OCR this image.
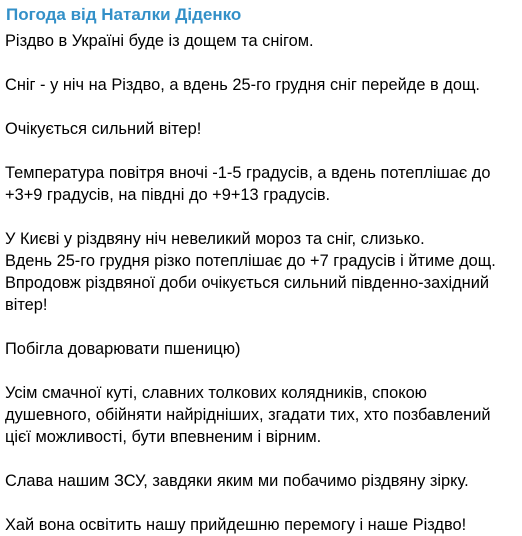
Погода від Наталки Діденко

Різдво в Україні буде із дощем та снігом.

Сніг - у ніч на Різдво, а вдень 25-го грудня сніг перейде в дощ.

Очікується сильний вітер!

Температура повітря вночі -1-5 градусів, а вдень потеплішає до
+3+9 градусів, на півдні до +9+13 градусів.

У Києві у різдвяну ніч невеликий мороз та сніг, слизько.
Вдень 25-го грудня різко потеплішає до +7 градусів і йтиме дощ.
Впродовж різдвяної доби очікується сильний південно-західний
вітер!

Побігла доварювати пшеницю)

Усім смачної куті, славних толкових колядників, спокою
душевного, обійняти найрідніших, згадати тих, хто позбавлений
цієї можливості, бути впевненим і вірним.

Слава нашим ЗСУ, завдяки яким ми побачимо різдвяну зірку.

Хай вона освітить нашу прийдешню перемогу і наше Різдво!
